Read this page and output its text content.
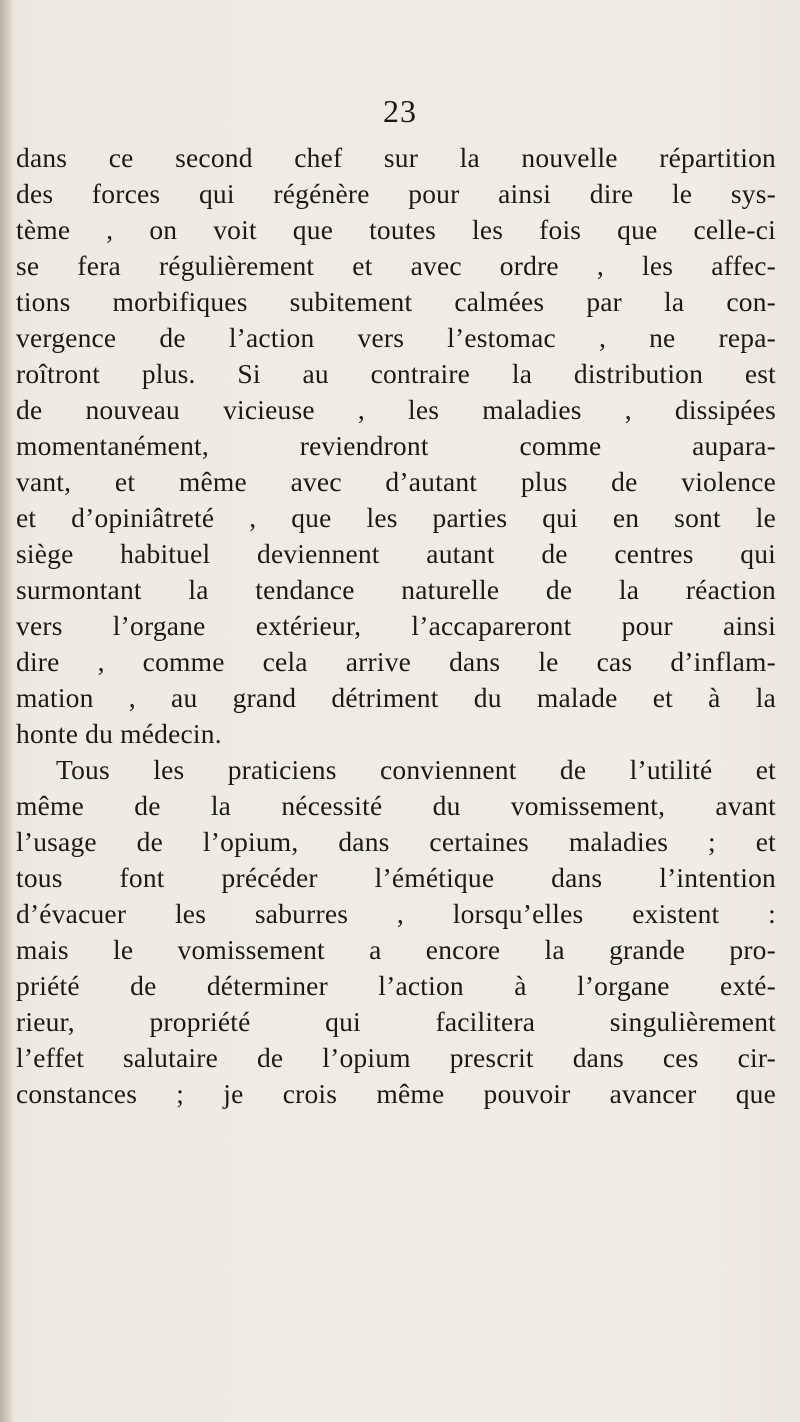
23
dans ce second chef sur la nouvelle répartition
des forces qui régénère pour ainsi dire le sys-
tème , on voit que toutes les fois que celle-ci
se fera régulièrement et avec ordre , les affec-
tions morbifiques subitement calmées par la con-
vergence de l’action vers l’estomac , ne repa-
roîtront plus. Si au contraire la distribution est
de nouveau vicieuse , les maladies , dissipées
momentanément, reviendront comme aupara-
vant, et même avec d’autant plus de violence
et d’opiniâtreté , que les parties qui en sont le
siège habituel deviennent autant de centres qui
surmontant la tendance naturelle de la réaction
vers l’organe extérieur, l’accapareront pour ainsi
dire , comme cela arrive dans le cas d’inflam-
mation , au grand détriment du malade et à la
honte du médecin.
Tous les praticiens conviennent de l’utilité et
même de la nécessité du vomissement, avant
l’usage de l’opium, dans certaines maladies ; et
tous font précéder l’émétique dans l’intention
d’évacuer les saburres , lorsqu’elles existent :
mais le vomissement a encore la grande pro-
priété de déterminer l’action à l’organe exté-
rieur, propriété qui facilitera singulièrement
l’effet salutaire de l’opium prescrit dans ces cir-
constances ; je crois même pouvoir avancer que
